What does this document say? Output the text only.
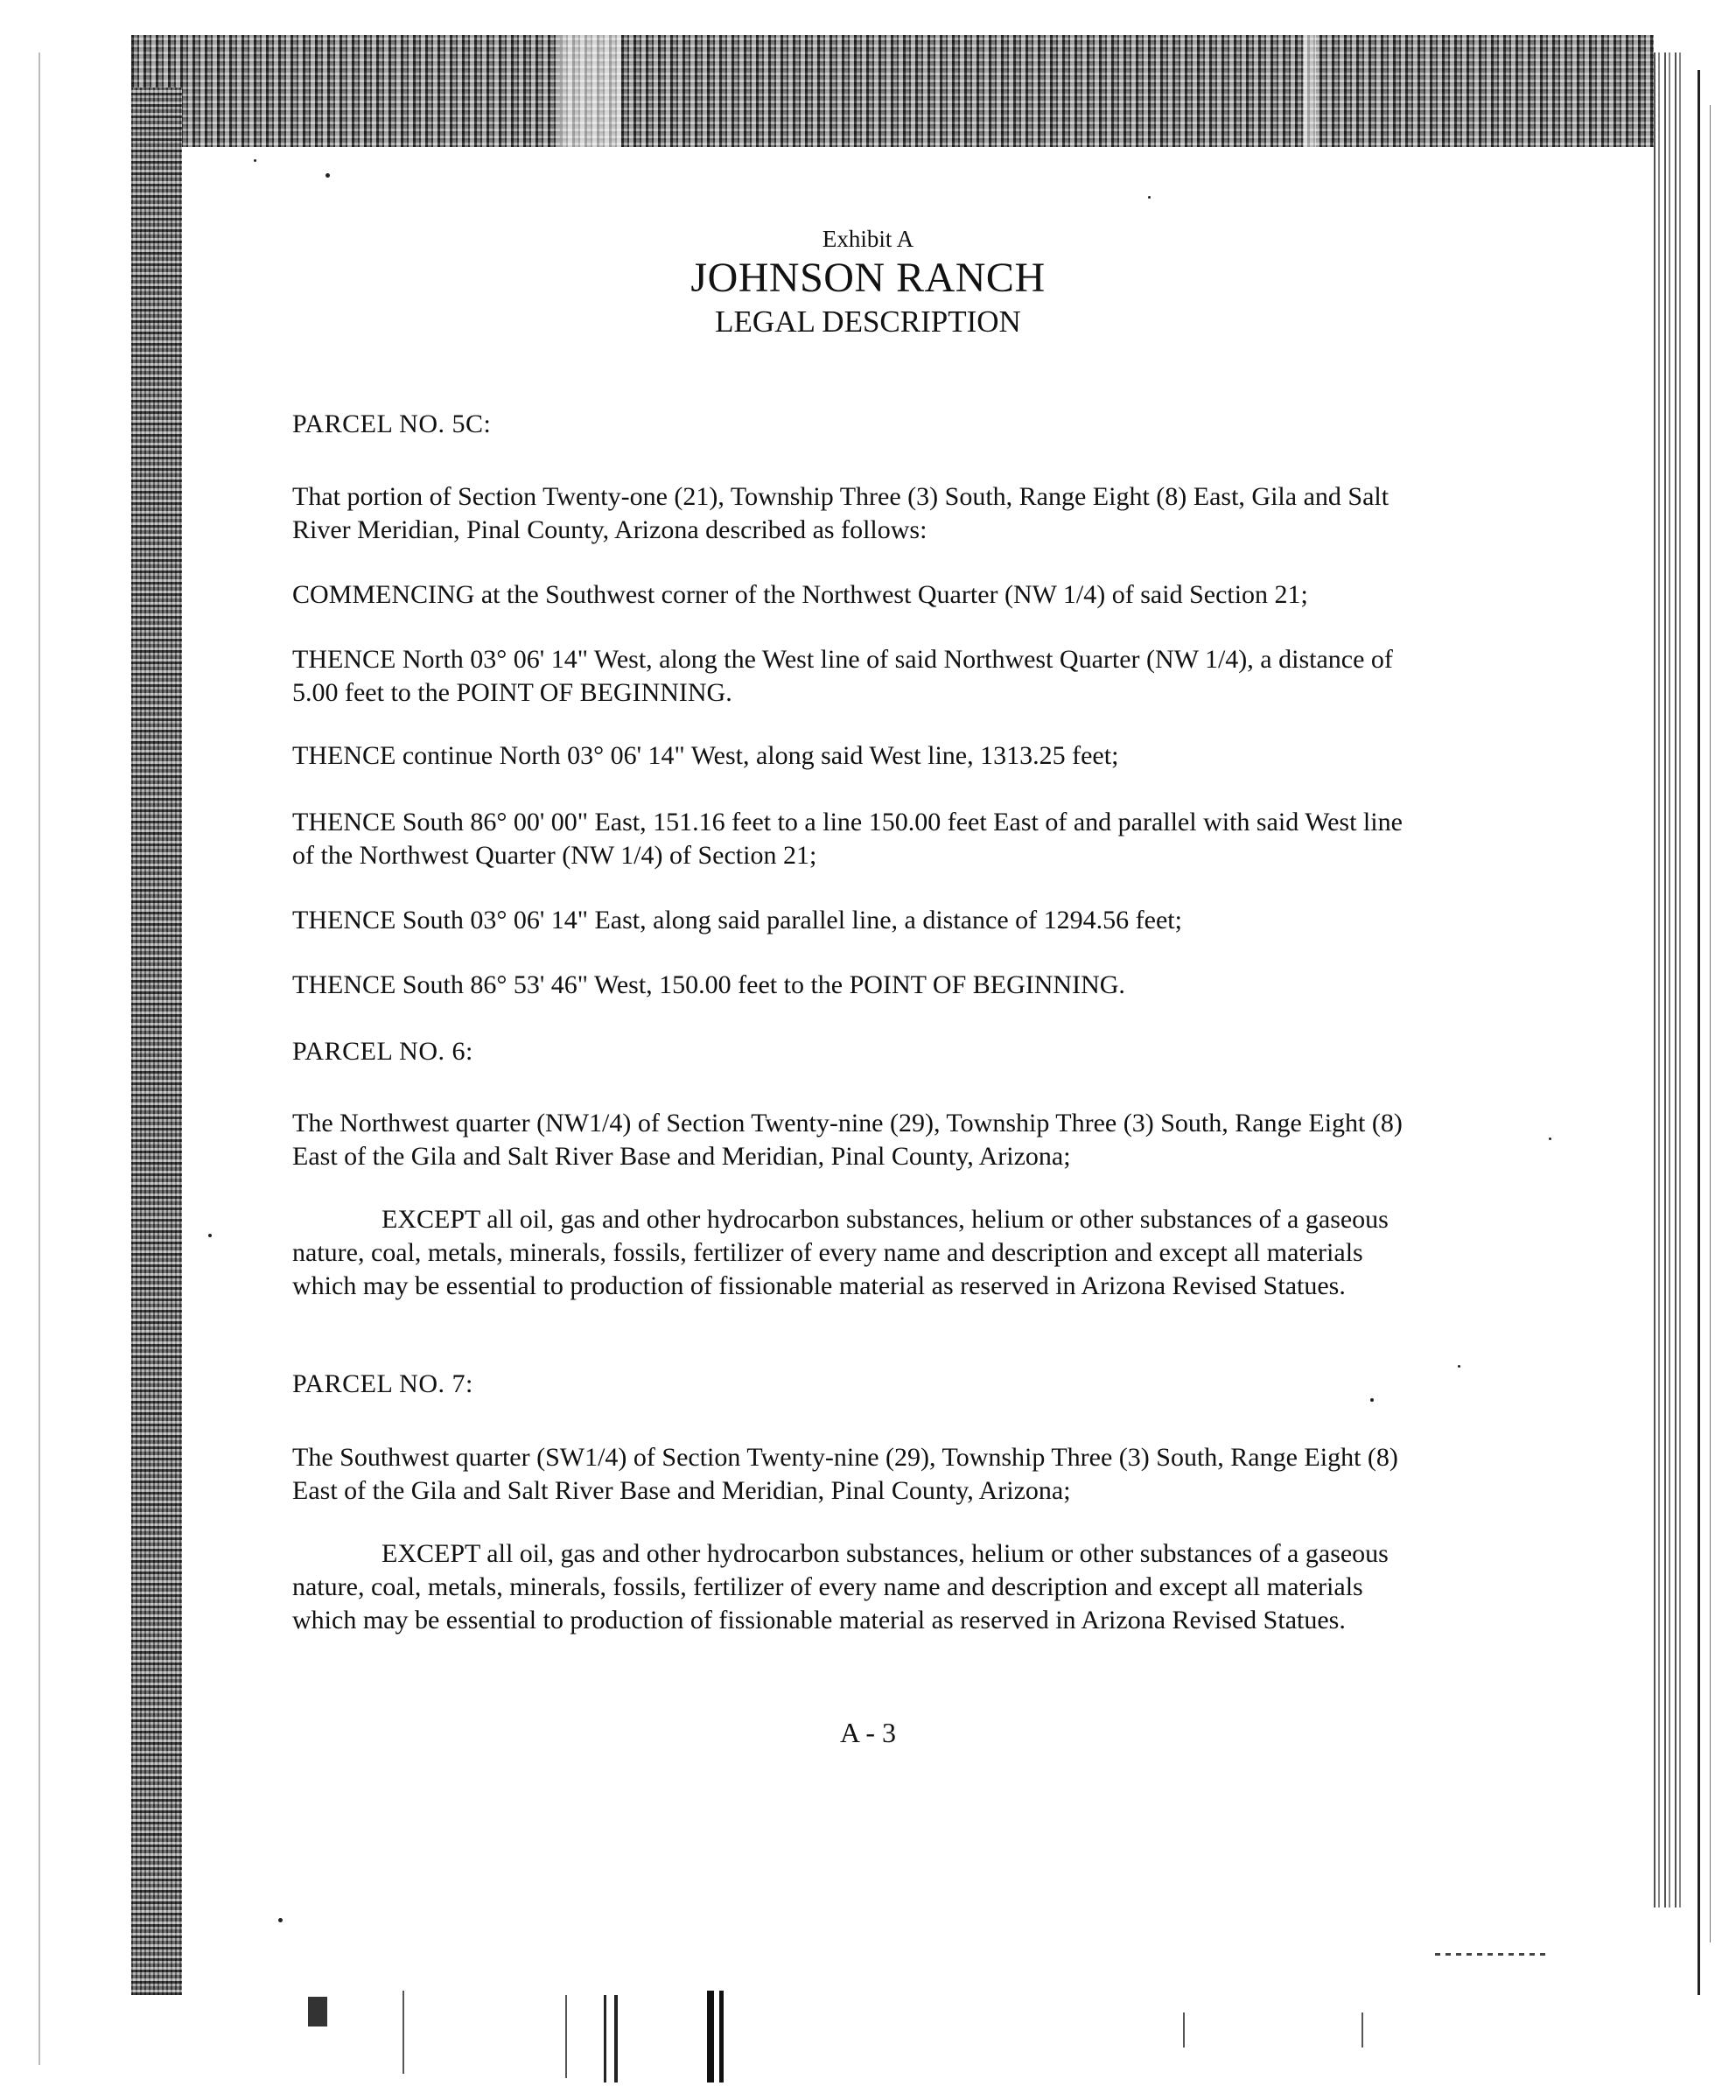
Exhibit A
JOHNSON RANCH
LEGAL DESCRIPTION

PARCEL NO. 5C:

That portion of Section Twenty-one (21), Township Three (3) South, Range Eight (8) East, Gila and Salt River Meridian, Pinal County, Arizona described as follows:

COMMENCING at the Southwest corner of the Northwest Quarter (NW 1/4) of said Section 21;

THENCE North 03° 06' 14" West, along the West line of said Northwest Quarter (NW 1/4), a distance of 5.00 feet to the POINT OF BEGINNING.

THENCE continue North 03° 06' 14" West, along said West line, 1313.25 feet;

THENCE South 86° 00' 00" East, 151.16 feet to a line 150.00 feet East of and parallel with said West line of the Northwest Quarter (NW 1/4) of Section 21;

THENCE South 03° 06' 14" East, along said parallel line, a distance of 1294.56 feet;

THENCE South 86° 53' 46" West, 150.00 feet to the POINT OF BEGINNING.

PARCEL NO. 6:

The Northwest quarter (NW1/4) of Section Twenty-nine (29), Township Three (3) South, Range Eight (8) East of the Gila and Salt River Base and Meridian, Pinal County, Arizona;

EXCEPT all oil, gas and other hydrocarbon substances, helium or other substances of a gaseous nature, coal, metals, minerals, fossils, fertilizer of every name and description and except all materials which may be essential to production of fissionable material as reserved in Arizona Revised Statues.

PARCEL NO. 7:

The Southwest quarter (SW1/4) of Section Twenty-nine (29), Township Three (3) South, Range Eight (8) East of the Gila and Salt River Base and Meridian, Pinal County, Arizona;

EXCEPT all oil, gas and other hydrocarbon substances, helium or other substances of a gaseous nature, coal, metals, minerals, fossils, fertilizer of every name and description and except all materials which may be essential to production of fissionable material as reserved in Arizona Revised Statues.

A - 3
